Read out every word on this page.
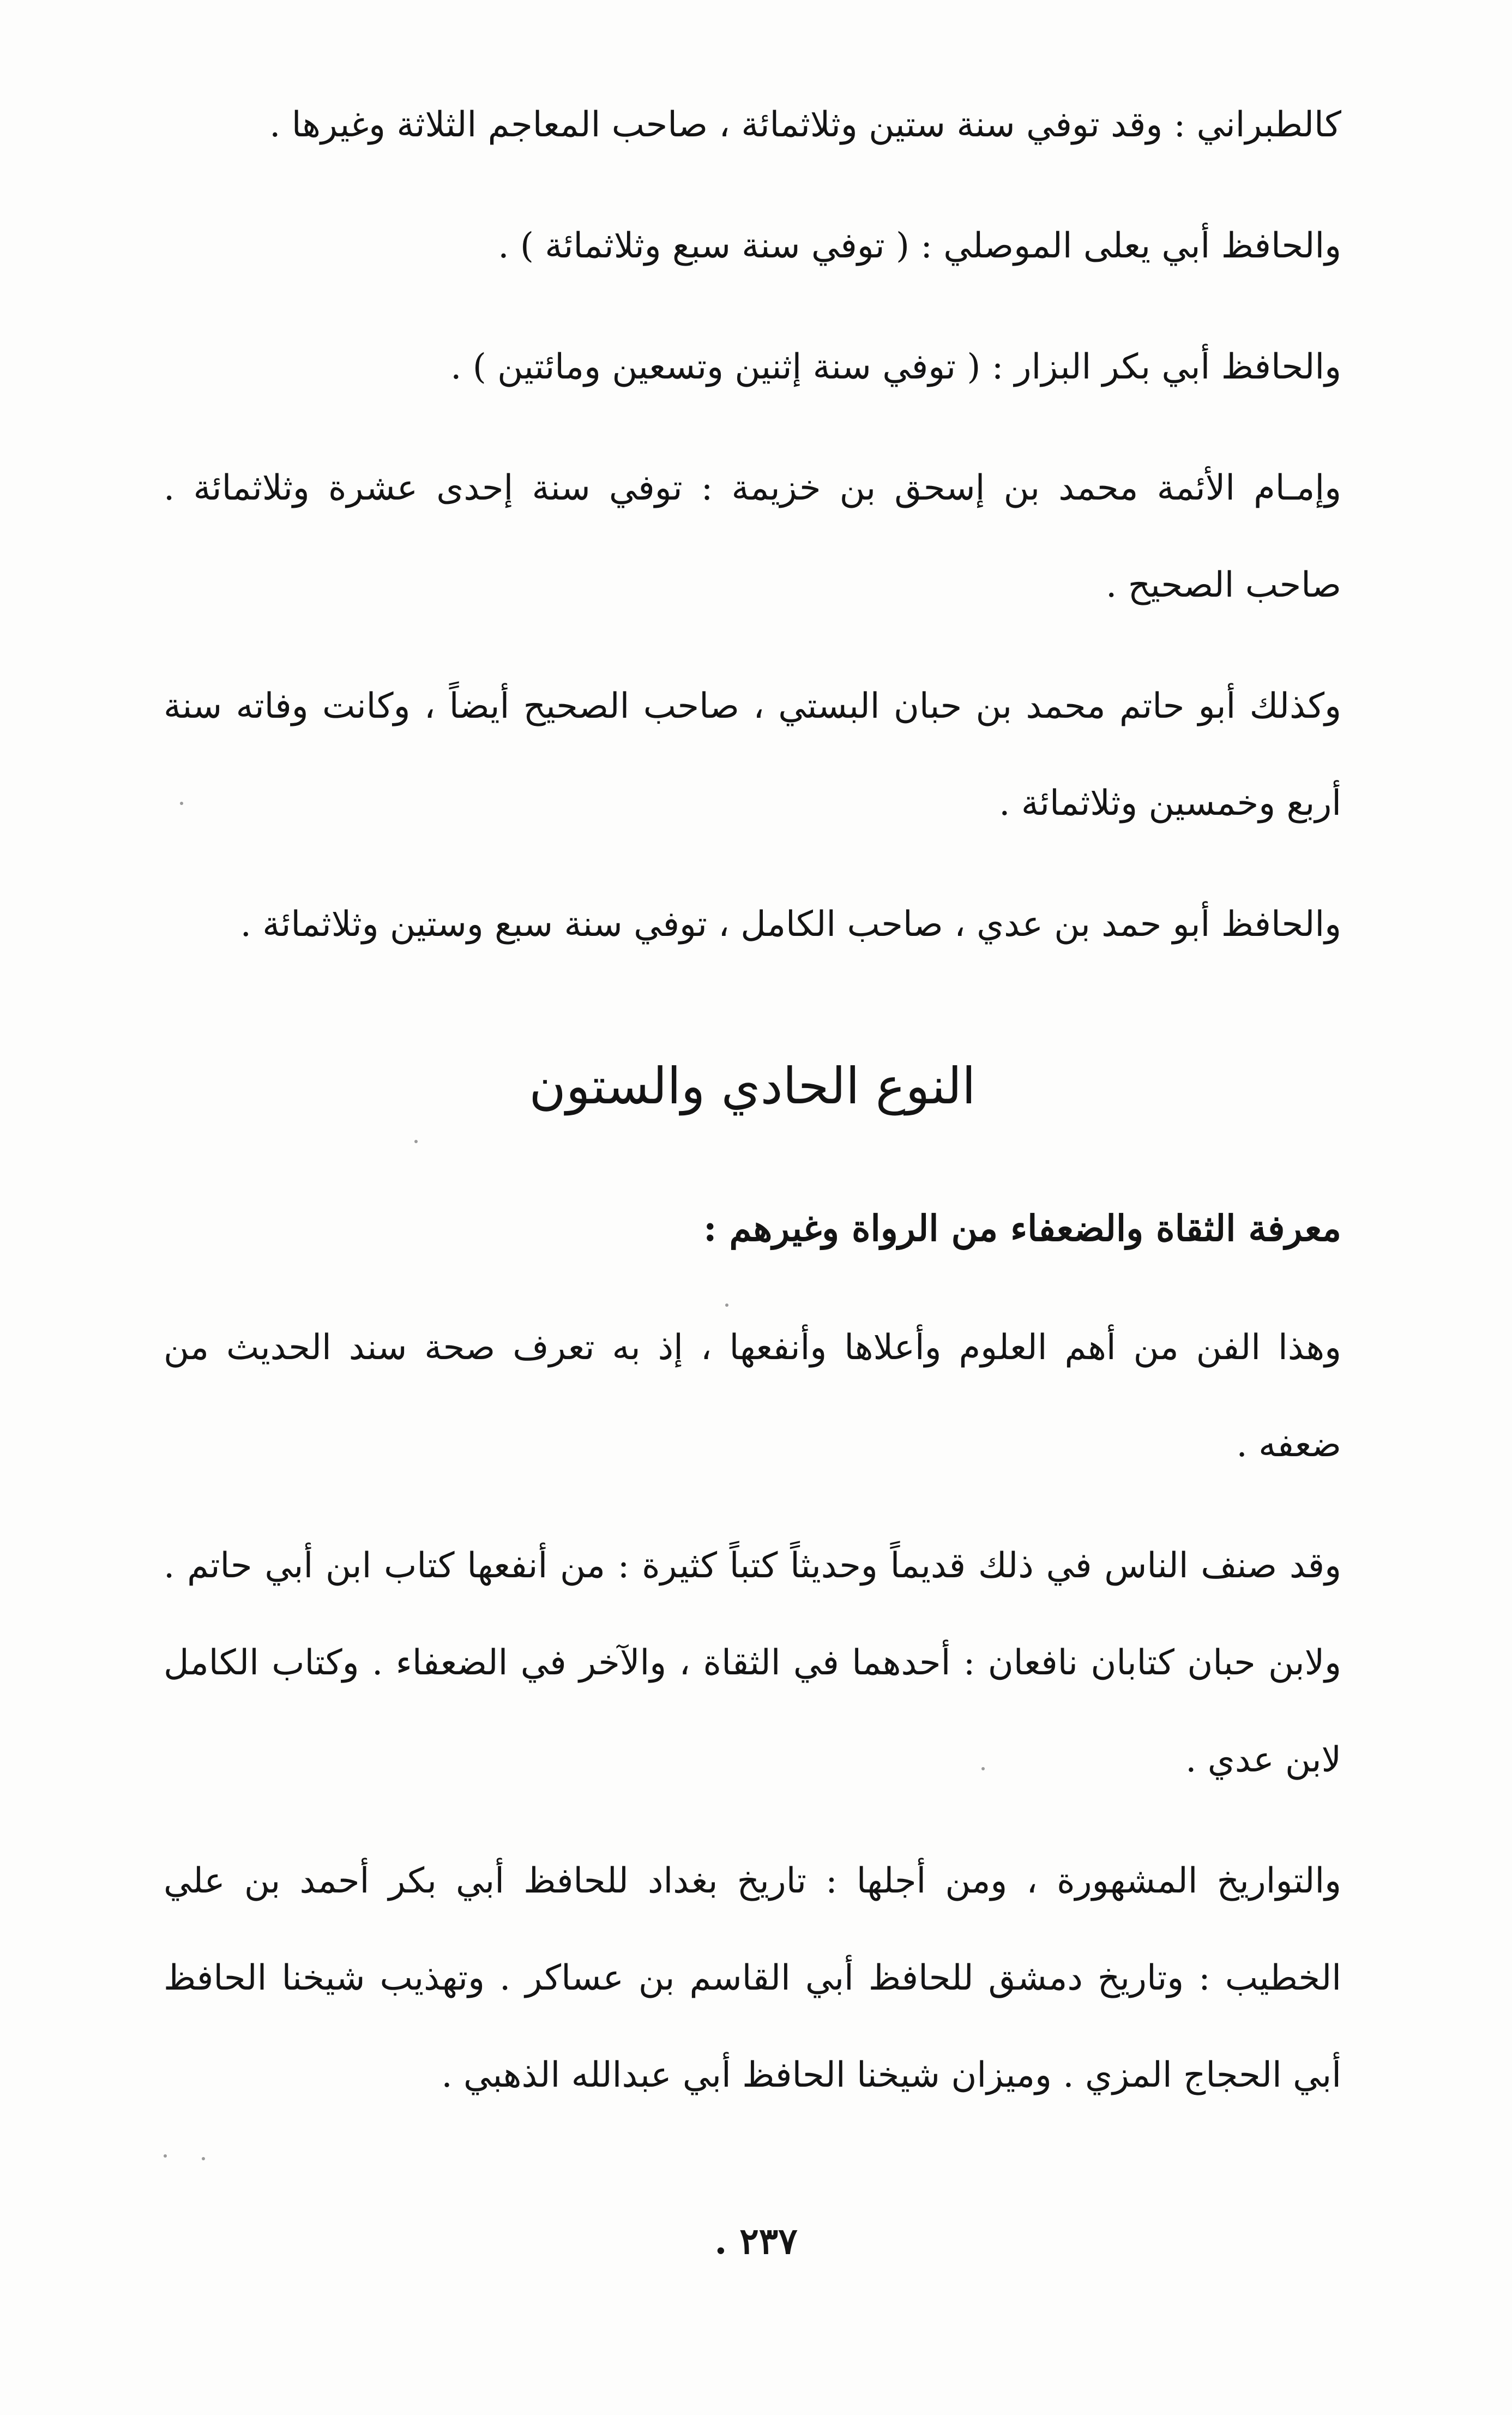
كالطبراني : وقد توفي سنة ستين وثلاثمائة ، صاحب المعاجم الثلاثة وغيرها .

والحافظ أبي يعلى الموصلي : ( توفي سنة سبع وثلاثمائة ) .

والحافظ أبي بكر البزار : ( توفي سنة إثنين وتسعين ومائتين ) .

وإمـام الأئمة محمد بن إسحق بن خزيمة : توفي سنة إحدى عشرة وثلاثمائة . صاحب الصحيح .

وكذلك أبو حاتم محمد بن حبان البستي ، صاحب الصحيح أيضاً ، وكانت وفاته سنة أربع وخمسين وثلاثمائة .

والحافظ أبو حمد بن عدي ، صاحب الكامل ، توفي سنة سبع وستين وثلاثمائة .

النوع الحادي والستون
معرفة الثقاة والضعفاء من الرواة وغيرهم :

وهذا الفن من أهم العلوم وأعلاها وأنفعها ، إذ به تعرف صحة سند الحديث من ضعفه .

وقد صنف الناس في ذلك قديماً وحديثاً كتباً كثيرة : من أنفعها كتاب ابن أبي حاتم . ولابن حبان كتابان نافعان : أحدهما في الثقاة ، والآخر في الضعفاء . وكتاب الكامل لابن عدي .

والتواريخ المشهورة ، ومن أجلها : تاريخ بغداد للحافظ أبي بكر أحمد بن علي الخطيب : وتاريخ دمشق للحافظ أبي القاسم بن عساكر . وتهذيب شيخنا الحافظ أبي الحجاج المزي . وميزان شيخنا الحافظ أبي عبدالله الذهبي .

٢٣٧ .
